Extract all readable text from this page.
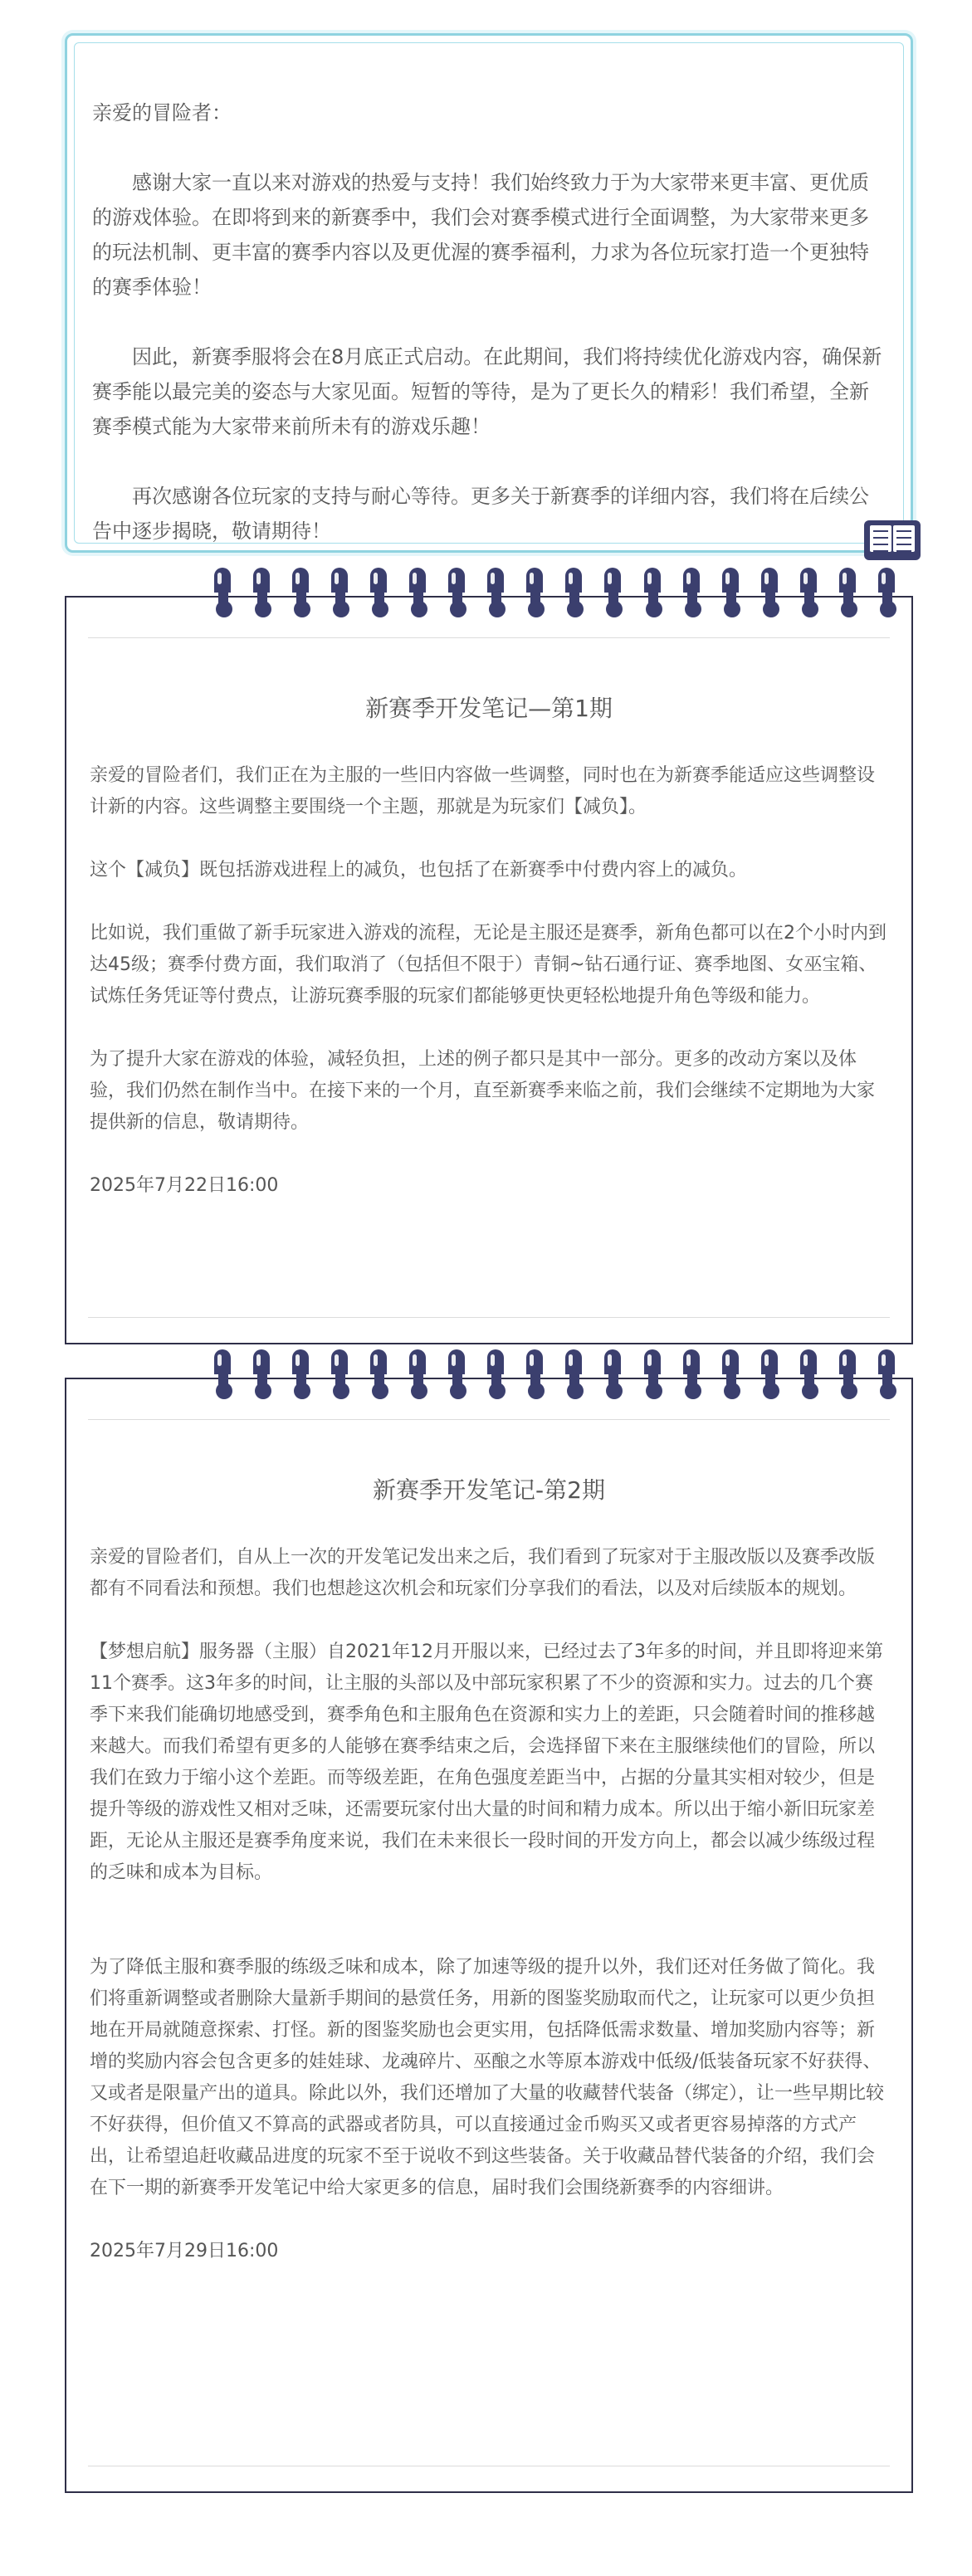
亲爱的冒险者：

感谢大家一直以来对游戏的热爱与支持！我们始终致力于为大家带来更丰富、更优质的游戏体验。在即将到来的新赛季中，我们会对赛季模式进行全面调整，为大家带来更多的玩法机制、更丰富的赛季内容以及更优渥的赛季福利，力求为各位玩家打造一个更独特的赛季体验！

因此，新赛季服将会在8月底正式启动。在此期间，我们将持续优化游戏内容，确保新赛季能以最完美的姿态与大家见面。短暂的等待，是为了更长久的精彩！我们希望，全新赛季模式能为大家带来前所未有的游戏乐趣！

再次感谢各位玩家的支持与耐心等待。更多关于新赛季的详细内容，我们将在后续公告中逐步揭晓，敬请期待！

新赛季开发笔记—第1期

亲爱的冒险者们，我们正在为主服的一些旧内容做一些调整，同时也在为新赛季能适应这些调整设计新的内容。这些调整主要围绕一个主题，那就是为玩家们【减负】。

这个【减负】既包括游戏进程上的减负，也包括了在新赛季中付费内容上的减负。

比如说，我们重做了新手玩家进入游戏的流程，无论是主服还是赛季，新角色都可以在2个小时内到达45级；赛季付费方面，我们取消了（包括但不限于）青铜~钻石通行证、赛季地图、女巫宝箱、试炼任务凭证等付费点，让游玩赛季服的玩家们都能够更快更轻松地提升角色等级和能力。

为了提升大家在游戏的体验，减轻负担，上述的例子都只是其中一部分。更多的改动方案以及体验，我们仍然在制作当中。在接下来的一个月，直至新赛季来临之前，我们会继续不定期地为大家提供新的信息，敬请期待。

2025年7月22日16:00
新赛季开发笔记-第2期

亲爱的冒险者们，自从上一次的开发笔记发出来之后，我们看到了玩家对于主服改版以及赛季改版都有不同看法和预想。我们也想趁这次机会和玩家们分享我们的看法，以及对后续版本的规划。

【梦想启航】服务器（主服）自2021年12月开服以来，已经过去了3年多的时间，并且即将迎来第11个赛季。这3年多的时间，让主服的头部以及中部玩家积累了不少的资源和实力。过去的几个赛季下来我们能确切地感受到，赛季角色和主服角色在资源和实力上的差距，只会随着时间的推移越来越大。而我们希望有更多的人能够在赛季结束之后，会选择留下来在主服继续他们的冒险，所以我们在致力于缩小这个差距。而等级差距，在角色强度差距当中，占据的分量其实相对较少，但是提升等级的游戏性又相对乏味，还需要玩家付出大量的时间和精力成本。所以出于缩小新旧玩家差距，无论从主服还是赛季角度来说，我们在未来很长一段时间的开发方向上，都会以减少练级过程的乏味和成本为目标。

为了降低主服和赛季服的练级乏味和成本，除了加速等级的提升以外，我们还对任务做了简化。我们将重新调整或者删除大量新手期间的悬赏任务，用新的图鉴奖励取而代之，让玩家可以更少负担地在开局就随意探索、打怪。新的图鉴奖励也会更实用，包括降低需求数量、增加奖励内容等；新增的奖励内容会包含更多的娃娃球、龙魂碎片、巫酿之水等原本游戏中低级/低装备玩家不好获得、又或者是限量产出的道具。除此以外，我们还增加了大量的收藏替代装备（绑定），让一些早期比较不好获得，但价值又不算高的武器或者防具，可以直接通过金币购买又或者更容易掉落的方式产出，让希望追赶收藏品进度的玩家不至于说收不到这些装备。关于收藏品替代装备的介绍，我们会在下一期的新赛季开发笔记中给大家更多的信息，届时我们会围绕新赛季的内容细讲。

2025年7月29日16:00
